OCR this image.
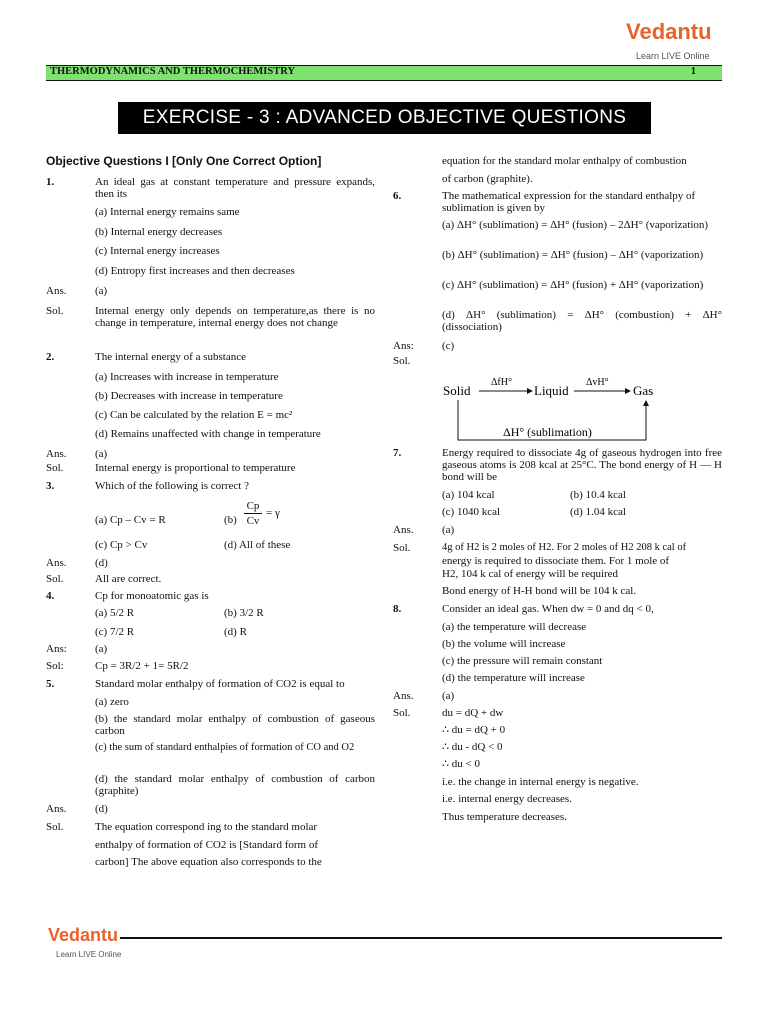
Vedantu
Learn LIVE Online
THERMODYNAMICS AND THERMOCHEMISTRY	1
EXERCISE - 3 : ADVANCED OBJECTIVE QUESTIONS
Objective Questions I [Only One Correct Option]
1.	An ideal gas at constant temperature and pressure expands, then its
(a) Internal energy remains same
(b) Internal energy decreases
(c) Internal energy increases
(d) Entropy first increases and then decreases
Ans.	(a)
Sol.	Internal energy only depends on temperature,as there is no change in temperature, internal energy does not change
2.	The internal energy of a substance
(a) Increases with increase in temperature
(b) Decreases with increase in temperature
(c) Can be calculated by the relation E = mc²
(d) Remains unaffected with change in temperature
Ans.	(a)
Sol.	Internal energy is proportional to temperature
3.	Which of the following is correct ?
(a) Cp – Cv = R	$(b) \frac{Cp}{Cv} = \gamma$
(c) Cp > Cv	(d) All of these
Ans.	(d)
Sol.	All are correct.
4.	Cp for monoatomic gas is
(a) 5/2 R	(b) 3/2 R
(c) 7/2 R	(d) R
Ans:	(a)
Sol:	Cp = 3R/2 + 1= 5R/2
5.	Standard molar enthalpy of formation of CO2 is equal to
(a) zero
(b) the standard molar enthalpy of combustion of gaseous carbon
(c) the sum of standard enthalpies of formation of CO and O2
(d) the standard molar enthalpy of combustion of carbon (graphite)
Ans.	(d)
Sol.	The equation correspond ing to the standard molar
enthalpy of formation of CO2 is [Standard form of
carbon] The above equation also corresponds to the
equation for the standard molar enthalpy of combustion
of carbon (graphite).
6.	The mathematical expression for the standard enthalpy of sublimation is given by
(a) ΔH° (sublimation) = ΔH° (fusion) – 2ΔH° (vaporization)
(b) ΔH° (sublimation) = ΔH° (fusion) – ΔH° (vaporization)
(c) ΔH° (sublimation) = ΔH° (fusion) + ΔH° (vaporization)
(d) ΔH° (sublimation) = ΔH° (combustion) + ΔH° (dissociation)
Ans:	(c)
Sol.
Solid
ΔfH°
Liquid
ΔvH°
Gas
ΔH° (sublimation)
7.	Energy required to dissociate 4g of gaseous hydrogen into free gaseous atoms is 208 kcal at 25°C. The bond energy of H — H bond will be
(a) 104 kcal	(b) 10.4 kcal
(c) 1040 kcal	(d) 1.04 kcal
Ans.	(a)
Sol.	4g of H2 is 2 moles of H2. For 2 moles of H2 208 k cal of
energy is required to dissociate them. For 1 mole of
H2, 104 k cal of energy will be required
Bond energy of H-H bond will be 104 k cal.
8.	Consider an ideal gas. When dw = 0 and dq < 0,
(a) the temperature will decrease
(b) the volume will increase
(c) the pressure will remain constant
(d) the temperature will increase
Ans.	(a)
Sol.	du = dQ + dw
∴ du = dQ + 0
∴ du - dQ < 0
∴ du < 0
i.e. the change in internal energy is negative.
i.e. internal energy decreases.
Thus temperature decreases.
Vedantu
Learn LIVE Online
